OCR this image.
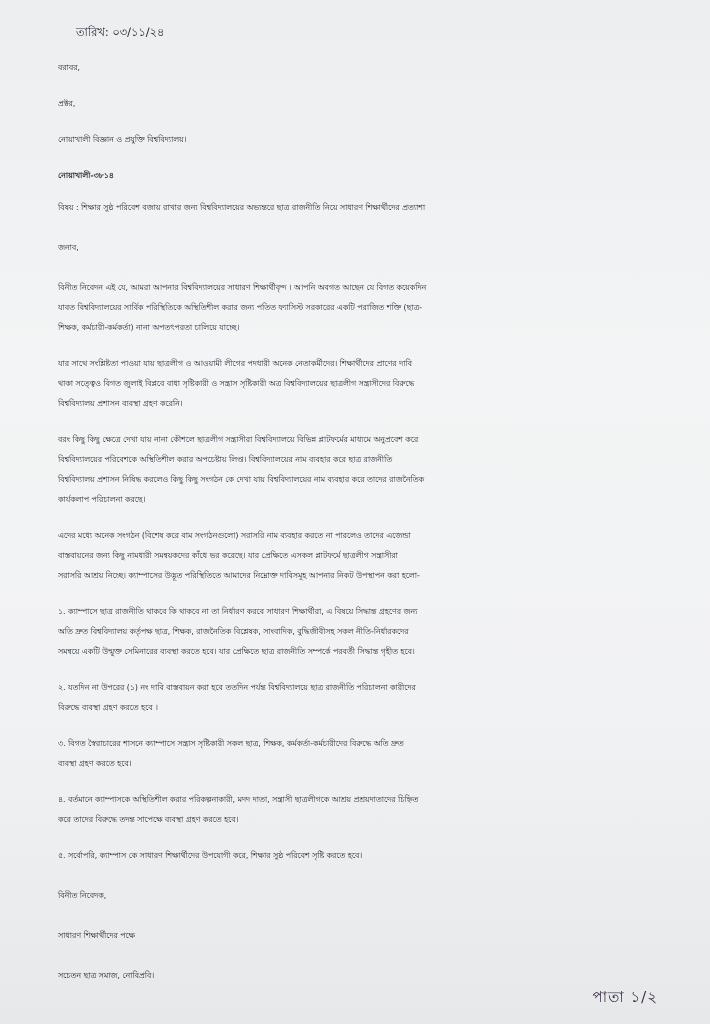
তারিখ: ০৩/১১/২৪
বরাবর,
প্রক্টর,
নোয়াখালী বিজ্ঞান ও প্রযুক্তি বিশ্ববিদ্যালয়।
নোয়াখালী-৩৮১৪
বিষয় : শিক্ষার সুষ্ঠ পরিবেশ বজায় রাখার জন্য বিশ্ববিদ্যালয়ের অভ্যন্তরে ছাত্র রাজনীতি নিয়ে সাধারণ শিক্ষার্থীদের প্রত্যাশা
জনাব,
বিনীত নিবেদন এই যে, আমরা আপনার বিশ্ববিদ্যালয়ের সাধারণ শিক্ষার্থীবৃন্দ । আপনি অবগত আছেন যে বিগত কয়েকদিন
যাবত বিশ্ববিদ্যালয়ের সার্বিক পরিস্থিতিকে অস্থিতিশীল করার জন্য পতিত ফ্যাসিস্ট সরকারের একটি পরাজিত শক্তি (ছাত্র-
শিক্ষক, কর্মচারী-কর্মকর্তা) নানা অপতৎপরতা চালিয়ে যাচ্ছে।
যার সাথে সংশ্লিষ্টতা পাওয়া যায় ছাত্রলীগ ও আওয়ামী লীগের পদধারী অনেক নেতাকর্মীদের। শিক্ষার্থীদের প্রাণের দাবি
থাকা সত্ত্বেও বিগত জুলাই বিপ্লবে বাধা সৃষ্টিকারী ও সন্ত্রাস সৃষ্টিকারী অত্র বিশ্ববিদ্যালয়ের ছাত্রলীগ সন্ত্রাসীদের বিরুদ্ধে
বিশ্ববিদ্যালয় প্রশাসন ব্যবস্থা গ্রহণ করেনি।
বরং কিছু কিছু ক্ষেত্রে দেখা যায় নানা কৌশলে ছাত্রলীগ সন্ত্রাসীরা বিশ্ববিদ্যালয়ে বিভিন্ন প্লাটফর্মের মাধ্যমে অনুপ্রবেশ করে
বিশ্ববিদ্যালয়ের পরিবেশকে অস্থিতিশীল করার অপচেষ্টায় লিপ্ত। বিশ্ববিদ্যালয়ের নাম ব্যবহার করে ছাত্র রাজনীতি
বিশ্ববিদ্যালয় প্রশাসন নিষিদ্ধ করলেও কিছু কিছু সংগঠন কে দেখা যায় বিশ্ববিদ্যালয়ের নাম ব্যবহার করে তাদের রাজনৈতিক
কার্যকলাপ পরিচালনা করছে।
এদের মধ্যে অনেক সংগঠন (বিশেষ করে বাম সংগঠনগুলো) সরাসরি নাম ব্যবহার করতে না পারলেও তাদের এজেন্ডা
বাস্তবায়নের জন্য কিছু নামধারী সমন্বয়কদের কাঁধে ভর করেছে। যার প্রেক্ষিতে এসকল প্লাটফর্মে ছাত্রলীগ সন্ত্রাসীরা
সরাসরি আশ্রয় নিচ্ছে। ক্যাম্পাসের উদ্ভূত পরিস্থিতিতে আমাদের নিম্নোক্ত দাবিসমূহ আপনার নিকট উপস্থাপন করা হলো-
১. ক্যাম্পাসে ছাত্র রাজনীতি থাকবে কি থাকবে না তা নির্ধারণ করবে সাধারণ শিক্ষার্থীরা, এ বিষয়ে সিদ্ধান্ত গ্রহণের জন্য
অতি দ্রুত বিশ্ববিদ্যালয় কর্তৃপক্ষ ছাত্র, শিক্ষক, রাজনৈতিক বিশ্লেষক, সাংবাদিক, বুদ্ধিজীবীসহ সকল নীতি-নির্ধারকদের
সমন্বয়ে একটি উন্মুক্ত সেমিনারের ব্যবস্থা করতে হবে। যার প্রেক্ষিতে ছাত্র রাজনীতি সম্পর্কে পরবর্তী সিদ্ধান্ত গৃহীত হবে।
২. যতদিন না উপরের (১) নং দাবি বাস্তবায়ন করা হবে ততদিন পর্যন্ত বিশ্ববিদ্যালয়ে ছাত্র রাজনীতি পরিচালনা কারীদের
বিরুদ্ধে ব্যবস্থা গ্রহণ করতে হবে ।
৩. বিগত স্বৈরাচারের শাসনে ক্যাম্পাসে সন্ত্রাস সৃষ্টিকারী সকল ছাত্র, শিক্ষক, কর্মকর্তা-কর্মচারীদের বিরুদ্ধে অতি দ্রুত
ব্যবস্থা গ্রহণ করতে হবে।
৪. বর্তমানে ক্যাম্পাসকে অস্থিতিশীল করার পরিকল্পনাকারী, মদদ দাতা, সন্ত্রাসী ছাত্রলীগকে আশ্রয় প্রশ্রয়দাতাদের চিহ্নিত
করে তাদের বিরুদ্ধে তদন্ত সাপেক্ষে ব্যবস্থা গ্রহণ করতে হবে।
৫. সর্বোপরি, ক্যাম্পাস কে সাধারণ শিক্ষার্থীদের উপযোগী করে, শিক্ষার সুষ্ঠ পরিবেশ সৃষ্টি করতে হবে।
বিনীত নিবেদক,
সাধারণ শিক্ষার্থীদের পক্ষে
সচেতন ছাত্র সমাজ, নোবিপ্রবি।
পাতা ১/২
